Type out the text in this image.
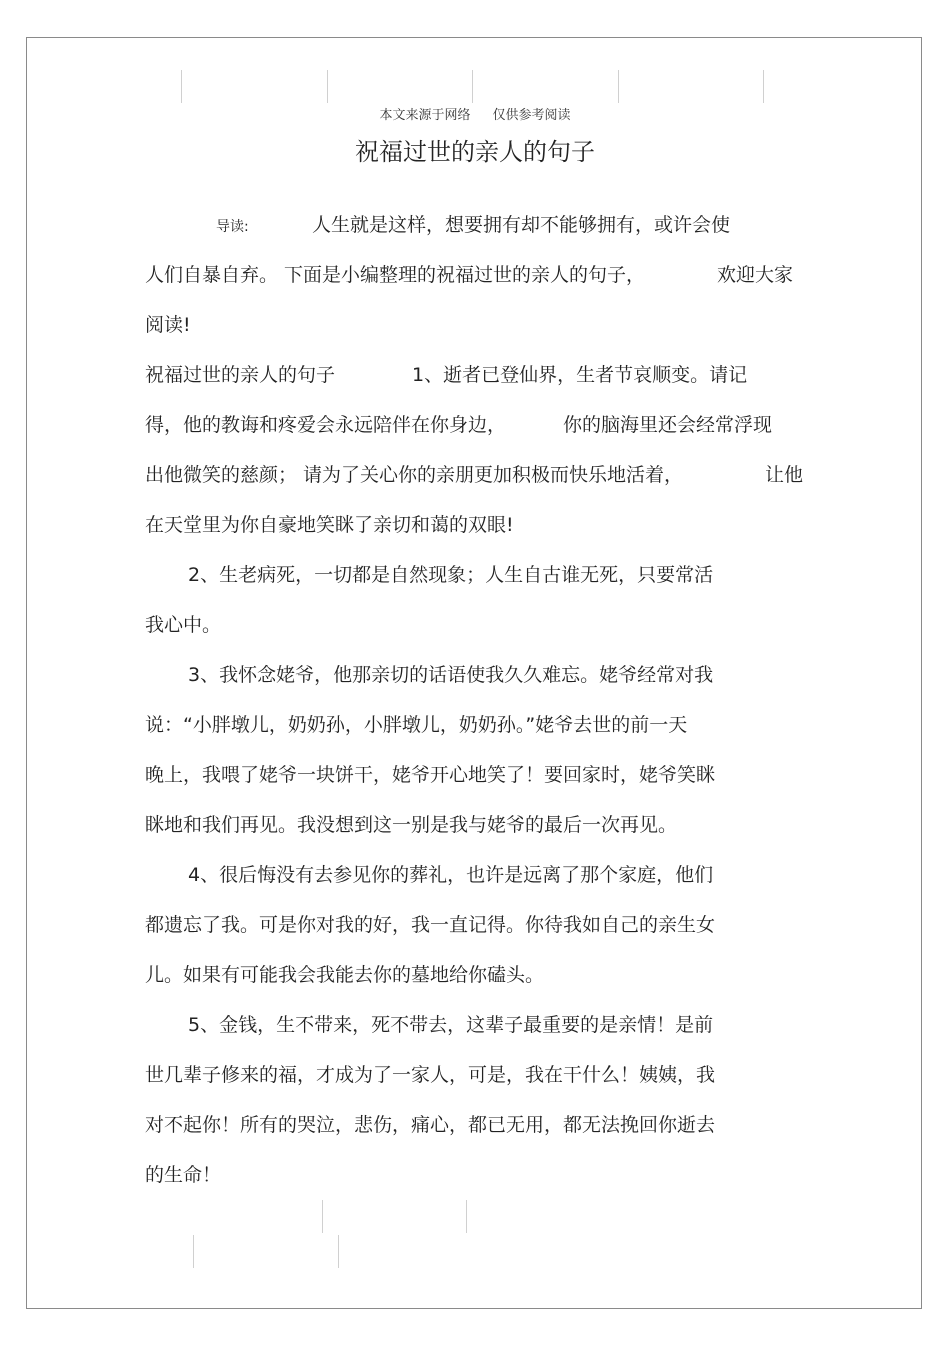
本文来源于网络 仅供参考阅读
祝福过世的亲人的句子
导读:	人生就是这样，想要拥有却不能够拥有，或许会使
人们自暴自弃。 下面是小编整理的祝福过世的亲人的句子，	欢迎大家
阅读!
祝福过世的亲人的句子	1、逝者已登仙界，生者节哀顺变。请记
得，他的教诲和疼爱会永远陪伴在你身边，	你的脑海里还会经常浮现
出他微笑的慈颜； 请为了关心你的亲朋更加积极而快乐地活着，	让他
在天堂里为你自豪地笑眯了亲切和蔼的双眼!
2、生老病死，一切都是自然现象；人生自古谁无死，只要常活
我心中。
3、我怀念姥爷，他那亲切的话语使我久久难忘。姥爷经常对我
说：“小胖墩儿，奶奶孙，小胖墩儿，奶奶孙。”姥爷去世的前一天
晚上，我喂了姥爷一块饼干，姥爷开心地笑了！要回家时，姥爷笑眯
眯地和我们再见。我没想到这一别是我与姥爷的最后一次再见。
4、很后悔没有去参见你的葬礼，也许是远离了那个家庭，他们
都遗忘了我。可是你对我的好，我一直记得。你待我如自己的亲生女
儿。如果有可能我会我能去你的墓地给你磕头。
5、金钱，生不带来，死不带去，这辈子最重要的是亲情！是前
世几辈子修来的福，才成为了一家人，可是，我在干什么！姨姨，我
对不起你！所有的哭泣，悲伤，痛心，都已无用，都无法挽回你逝去
的生命！
